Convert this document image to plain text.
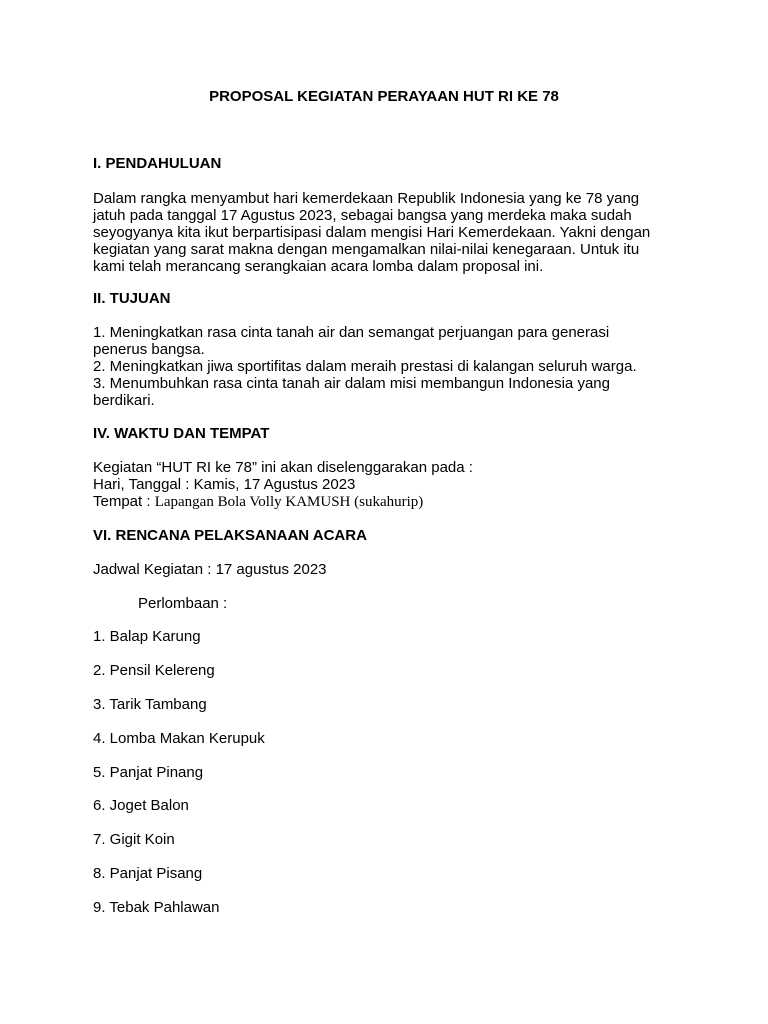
PROPOSAL KEGIATAN PERAYAAN HUT RI KE 78

I. PENDAHULUAN

Dalam rangka menyambut hari kemerdekaan Republik Indonesia yang ke 78 yang

jatuh pada tanggal 17 Agustus 2023, sebagai bangsa yang merdeka maka sudah

seyogyanya kita ikut berpartisipasi dalam mengisi Hari Kemerdekaan. Yakni dengan

kegiatan yang sarat makna dengan mengamalkan nilai-nilai kenegaraan. Untuk itu

kami telah merancang serangkaian acara lomba dalam proposal ini.

II. TUJUAN

1. Meningkatkan rasa cinta tanah air dan semangat perjuangan para generasi

penerus bangsa.

2. Meningkatkan jiwa sportifitas dalam meraih prestasi di kalangan seluruh warga.

3. Menumbuhkan rasa cinta tanah air dalam misi membangun Indonesia yang

berdikari.

IV. WAKTU DAN TEMPAT

Kegiatan “HUT RI ke 78” ini akan diselenggarakan pada :

Hari, Tanggal : Kamis, 17 Agustus 2023

Tempat : Lapangan Bola Volly KAMUSH (sukahurip)

VI. RENCANA PELAKSANAAN ACARA

Jadwal Kegiatan : 17 agustus 2023

Perlombaan :

1. Balap Karung

2. Pensil Kelereng

3. Tarik Tambang

4. Lomba Makan Kerupuk

5. Panjat Pinang

6. Joget Balon

7. Gigit Koin

8. Panjat Pisang

9. Tebak Pahlawan
